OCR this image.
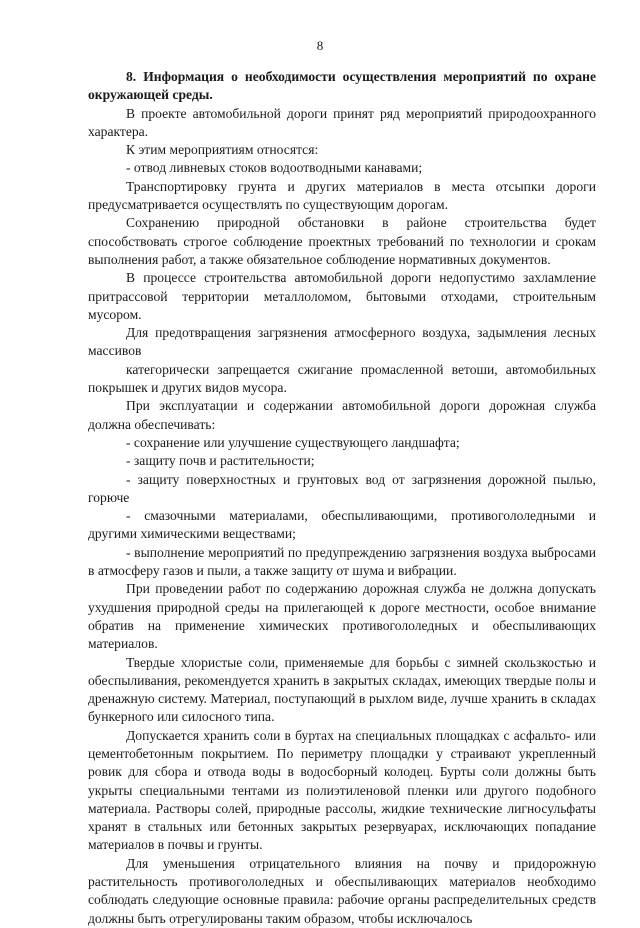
8

8. Информация о необходимости осуществления мероприятий по охране окружающей среды.

В проекте автомобильной дороги принят ряд мероприятий природоохранного характера.

К этим мероприятиям относятся:

- отвод ливневых стоков водоотводными канавами;

Транспортировку грунта и других материалов в места отсыпки дороги предусматривается осуществлять по существующим дорогам.

Сохранению природной обстановки в районе строительства будет способствовать строгое соблюдение проектных требований по технологии и срокам выполнения работ, а также обязательное соблюдение нормативных документов.

В процессе строительства автомобильной дороги недопустимо захламление притрассовой территории металлоломом, бытовыми отходами, строительным мусором.

Для предотвращения загрязнения атмосферного воздуха, задымления лесных массивов

категорически запрещается сжигание промасленной ветоши, автомобильных покрышек и других видов мусора.

При эксплуатации и содержании автомобильной дороги дорожная служба должна обеспечивать:

- сохранение или улучшение существующего ландшафта;

- защиту почв и растительности;

- защиту поверхностных и грунтовых вод от загрязнения дорожной пылью, горюче

- смазочными материалами, обеспыливающими, противогололедными и другими химическими веществами;

- выполнение мероприятий по предупреждению загрязнения воздуха выбросами в атмосферу газов и пыли, а также защиту от шума и вибрации.

При проведении работ по содержанию дорожная служба не должна допускать ухудшения природной среды на прилегающей к дороге местности, особое внимание обратив на применение химических противогололедных и обеспыливающих материалов.

Твердые хлористые соли, применяемые для борьбы с зимней скользкостью и обеспыливания, рекомендуется хранить в закрытых складах, имеющих твердые полы и дренажную систему. Материал, поступающий в рыхлом виде, лучше хранить в складах бункерного или силосного типа.

Допускается хранить соли в буртах на специальных площадках с асфальто- или цементобетонным покрытием. По периметру площадки у страивают укрепленный ровик для сбора и отвода воды в водосборный колодец. Бурты соли должны быть укрыты специальными тентами из полиэтиленовой пленки или другого подобного материала. Растворы солей, природные рассолы, жидкие технические лигносульфаты хранят в стальных или бетонных закрытых резервуарах, исключающих попадание материалов в почвы и грунты.

Для уменьшения отрицательного влияния на почву и придорожную растительность противогололедных и обеспыливающих материалов необходимо соблюдать следующие основные правила: рабочие органы распределительных средств должны быть отрегулированы таким образом, чтобы исключалось
